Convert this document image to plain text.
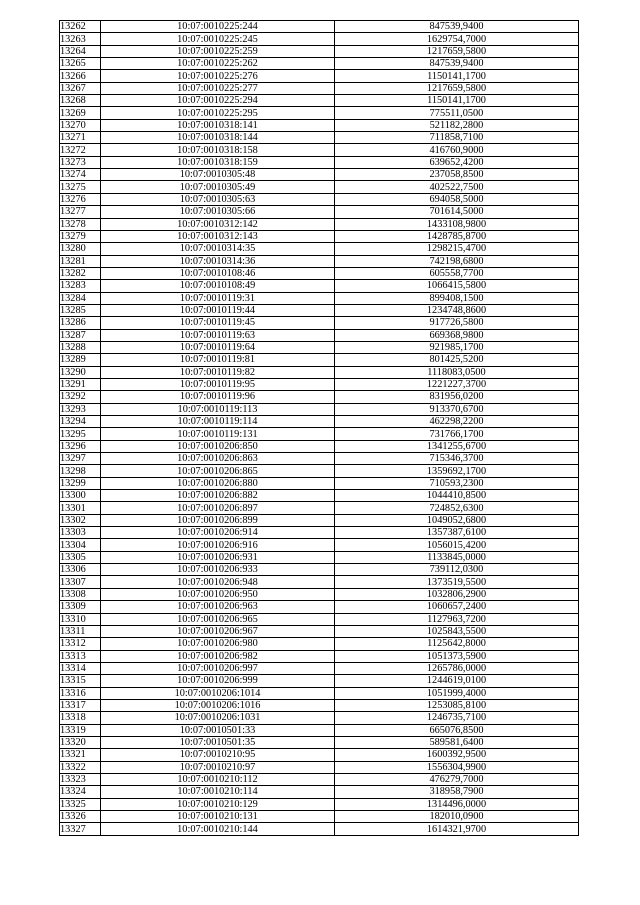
13262	10:07:0010225:244	847539,9400
13263	10:07:0010225:245	1629754,7000
13264	10:07:0010225:259	1217659,5800
13265	10:07:0010225:262	847539,9400
13266	10:07:0010225:276	1150141,1700
13267	10:07:0010225:277	1217659,5800
13268	10:07:0010225:294	1150141,1700
13269	10:07:0010225:295	775511,0500
13270	10:07:0010318:141	521182,2800
13271	10:07:0010318:144	711858,7100
13272	10:07:0010318:158	416760,9000
13273	10:07:0010318:159	639652,4200
13274	10:07:0010305:48	237058,8500
13275	10:07:0010305:49	402522,7500
13276	10:07:0010305:63	694058,5000
13277	10:07:0010305:66	701614,5000
13278	10:07:0010312:142	1433108,9800
13279	10:07:0010312:143	1428785,8700
13280	10:07:0010314:35	1298215,4700
13281	10:07:0010314:36	742198,6800
13282	10:07:0010108:46	605558,7700
13283	10:07:0010108:49	1066415,5800
13284	10:07:0010119:31	899408,1500
13285	10:07:0010119:44	1234748,8600
13286	10:07:0010119:45	917726,5800
13287	10:07:0010119:63	669368,9800
13288	10:07:0010119:64	921985,1700
13289	10:07:0010119:81	801425,5200
13290	10:07:0010119:82	1118083,0500
13291	10:07:0010119:95	1221227,3700
13292	10:07:0010119:96	831956,0200
13293	10:07:0010119:113	913370,6700
13294	10:07:0010119:114	462298,2200
13295	10:07:0010119:131	731766,1700
13296	10:07:0010206:850	1341255,6700
13297	10:07:0010206:863	715346,3700
13298	10:07:0010206:865	1359692,1700
13299	10:07:0010206:880	710593,2300
13300	10:07:0010206:882	1044410,8500
13301	10:07:0010206:897	724852,6300
13302	10:07:0010206:899	1049052,6800
13303	10:07:0010206:914	1357387,6100
13304	10:07:0010206:916	1056015,4200
13305	10:07:0010206:931	1133845,0000
13306	10:07:0010206:933	739112,0300
13307	10:07:0010206:948	1373519,5500
13308	10:07:0010206:950	1032806,2900
13309	10:07:0010206:963	1060657,2400
13310	10:07:0010206:965	1127963,7200
13311	10:07:0010206:967	1025843,5500
13312	10:07:0010206:980	1125642,8000
13313	10:07:0010206:982	1051373,5900
13314	10:07:0010206:997	1265786,0000
13315	10:07:0010206:999	1244619,0100
13316	10:07:0010206:1014	1051999,4000
13317	10:07:0010206:1016	1253085,8100
13318	10:07:0010206:1031	1246735,7100
13319	10:07:0010501:33	665076,8500
13320	10:07:0010501:35	589581,6400
13321	10:07:0010210:95	1600392,9500
13322	10:07:0010210:97	1556304,9900
13323	10:07:0010210:112	476279,7000
13324	10:07:0010210:114	318958,7900
13325	10:07:0010210:129	1314496,0000
13326	10:07:0010210:131	182010,0900
13327	10:07:0010210:144	1614321,9700
